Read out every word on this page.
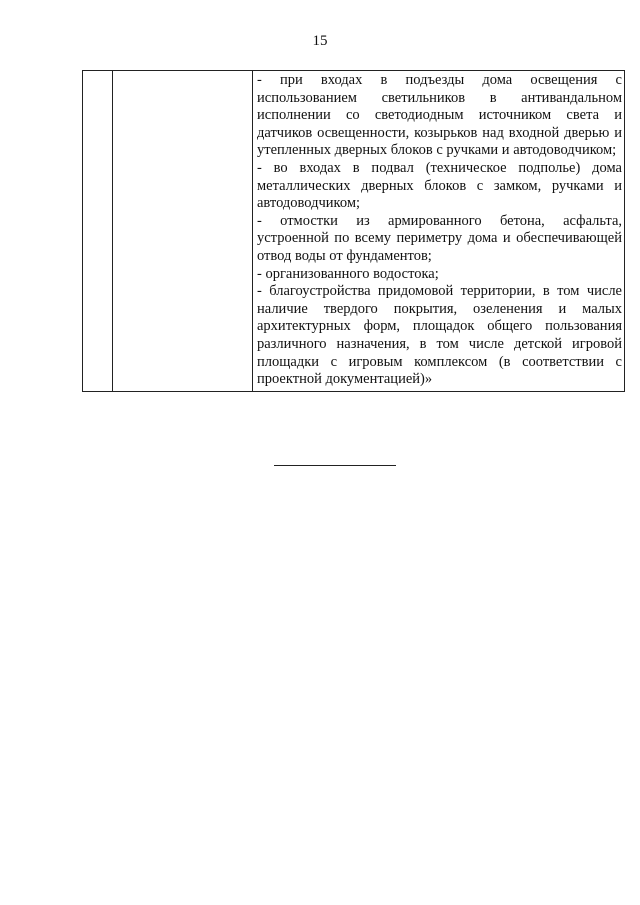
15

- при входах в подъезды дома освещения с использованием светильников в антивандальном исполнении со светодиодным источником света и датчиков освещенности, козырьков над входной дверью и утепленных дверных блоков с ручками и автодоводчиком;
- во входах в подвал (техническое подполье) дома металлических дверных блоков с замком, ручками и автодоводчиком;
- отмостки из армированного бетона, асфальта, устроенной по всему периметру дома и обеспечивающей отвод воды от фундаментов;
- организованного водостока;
- благоустройства придомовой территории, в том числе наличие твердого покрытия, озеленения и малых архитектурных форм, площадок общего пользования различного назначения, в том числе детской игровой площадки с игровым комплексом (в соответствии с проектной документацией)»
